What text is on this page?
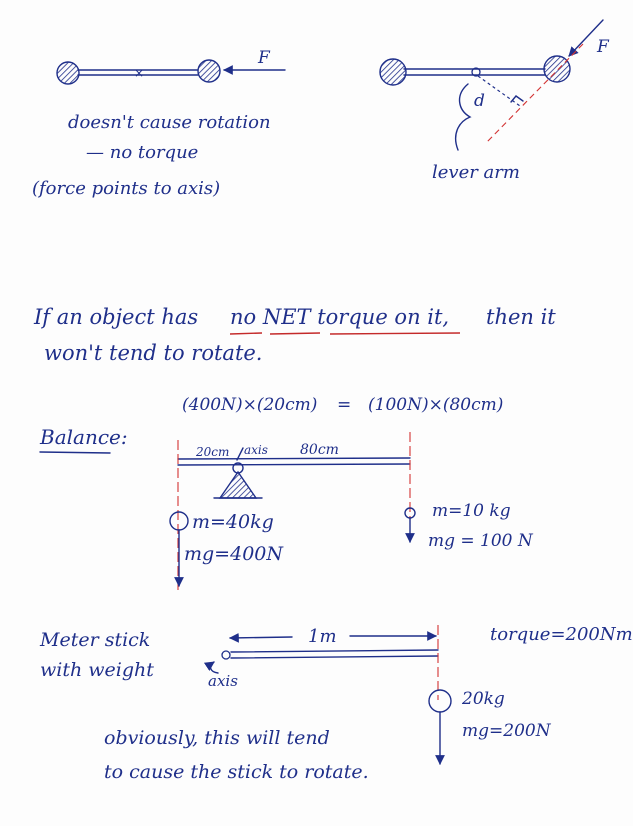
×
F
doesn't cause rotation
— no torque
(force points to axis)
F
d
lever arm
If an object has no NET torque on it, then it
won't tend to rotate.
(400N)×(20cm) = (100N)×(80cm)
Balance:
20cm axis 80cm
m=40kg
mg=400N
m=10 kg
mg = 100 N
Meter stick
with weight
1m	torque=200Nm
axis
20kg
mg=200N
obviously, this will tend
to cause the stick to rotate.
